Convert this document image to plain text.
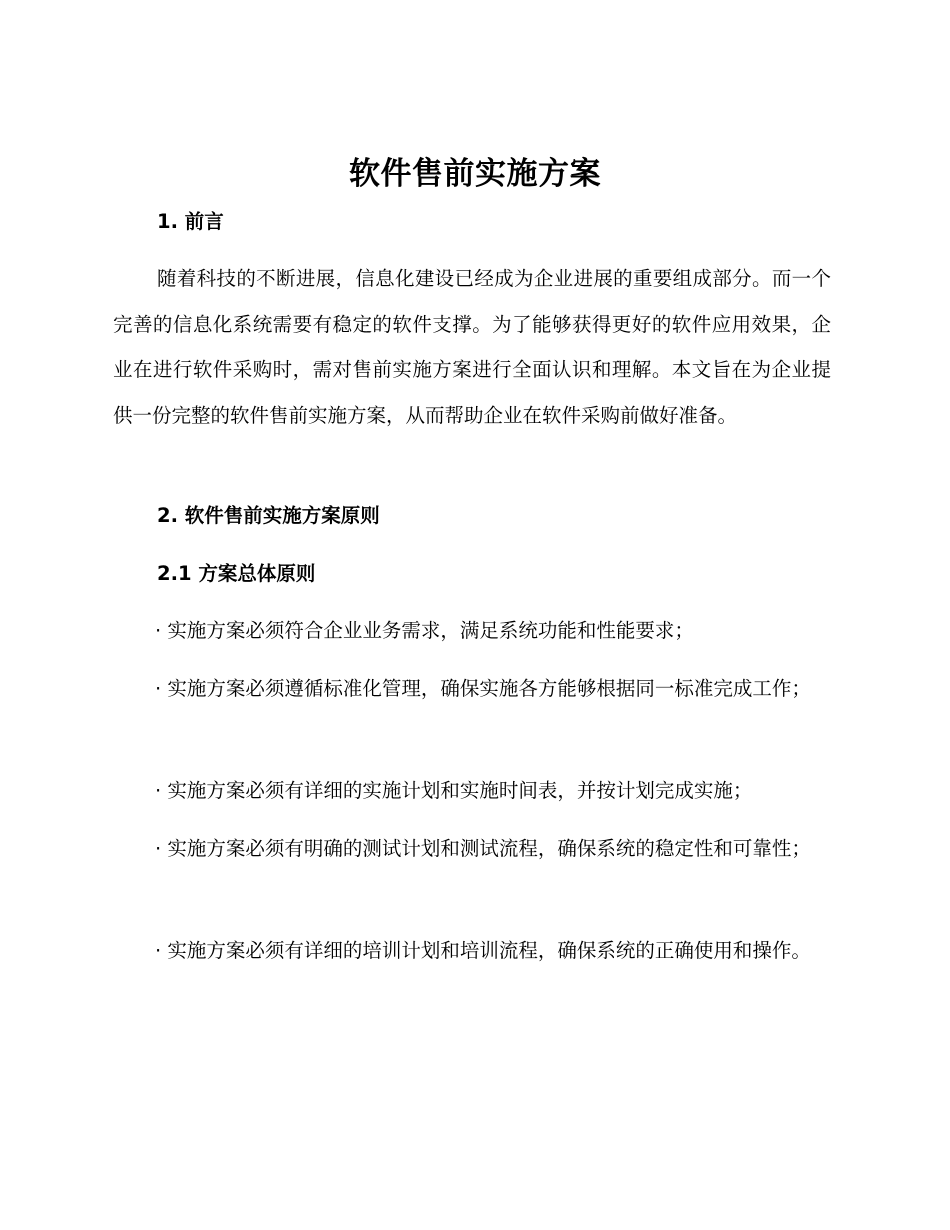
软件售前实施方案
1. 前言

随着科技的不断进展，信息化建设已经成为企业进展的重要组成部分。而一个完善的信息化系统需要有稳定的软件支撑。为了能够获得更好的软件应用效果，企业在进行软件采购时，需对售前实施方案进行全面认识和理解。本文旨在为企业提供一份完整的软件售前实施方案，从而帮助企业在软件采购前做好准备。

2. 软件售前实施方案原则
2.1 方案总体原则

· 实施方案必须符合企业业务需求，满足系统功能和性能要求；

· 实施方案必须遵循标准化管理，确保实施各方能够根据同一标准完成工作；

· 实施方案必须有详细的实施计划和实施时间表，并按计划完成实施；

· 实施方案必须有明确的测试计划和测试流程，确保系统的稳定性和可靠性；

· 实施方案必须有详细的培训计划和培训流程，确保系统的正确使用和操作。
